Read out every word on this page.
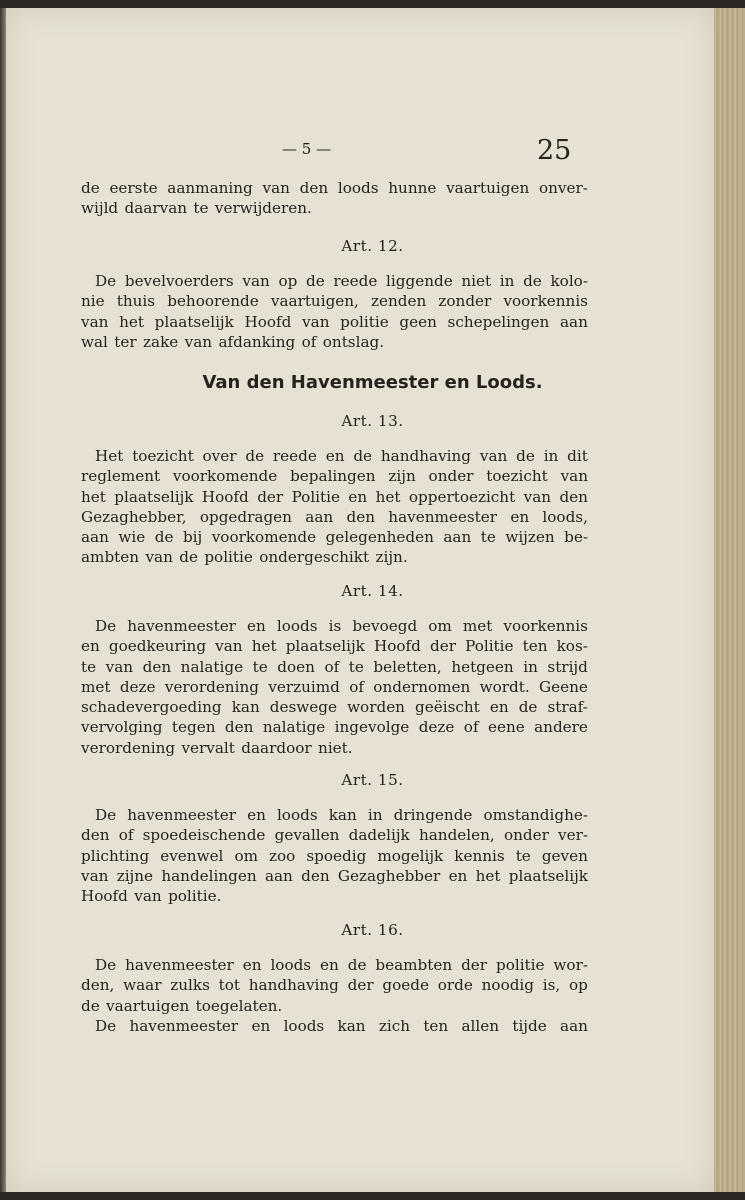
— 5 —	25
de eerste aanmaning van den loods hunne vaartuigen onver-
wijld daarvan te verwijderen.
Art. 12.
De bevelvoerders van op de reede liggende niet in de kolo-
nie thuis behoorende vaartuigen, zenden zonder voorkennis
van het plaatselijk Hoofd van politie geen schepelingen aan
wal ter zake van afdanking of ontslag.
Van den Havenmeester en Loods.
Art. 13.
Het toezicht over de reede en de handhaving van de in dit
reglement voorkomende bepalingen zijn onder toezicht van
het plaatselijk Hoofd der Politie en het oppertoezicht van den
Gezaghebber, opgedragen aan den havenmeester en loods,
aan wie de bij voorkomende gelegenheden aan te wijzen be-
ambten van de politie ondergeschikt zijn.
Art. 14.
De havenmeester en loods is bevoegd om met voorkennis
en goedkeuring van het plaatselijk Hoofd der Politie ten kos-
te van den nalatige te doen of te beletten, hetgeen in strijd
met deze verordening verzuimd of ondernomen wordt. Geene
schadevergoeding kan deswege worden geëischt en de straf-
vervolging tegen den nalatige ingevolge deze of eene andere
verordening vervalt daardoor niet.
Art. 15.
De havenmeester en loods kan in dringende omstandighe-
den of spoedeischende gevallen dadelijk handelen, onder ver-
plichting evenwel om zoo spoedig mogelijk kennis te geven
van zijne handelingen aan den Gezaghebber en het plaatselijk
Hoofd van politie.
Art. 16.
De havenmeester en loods en de beambten der politie wor-
den, waar zulks tot handhaving der goede orde noodig is, op
de vaartuigen toegelaten.
De havenmeester en loods kan zich ten allen tijde aan
